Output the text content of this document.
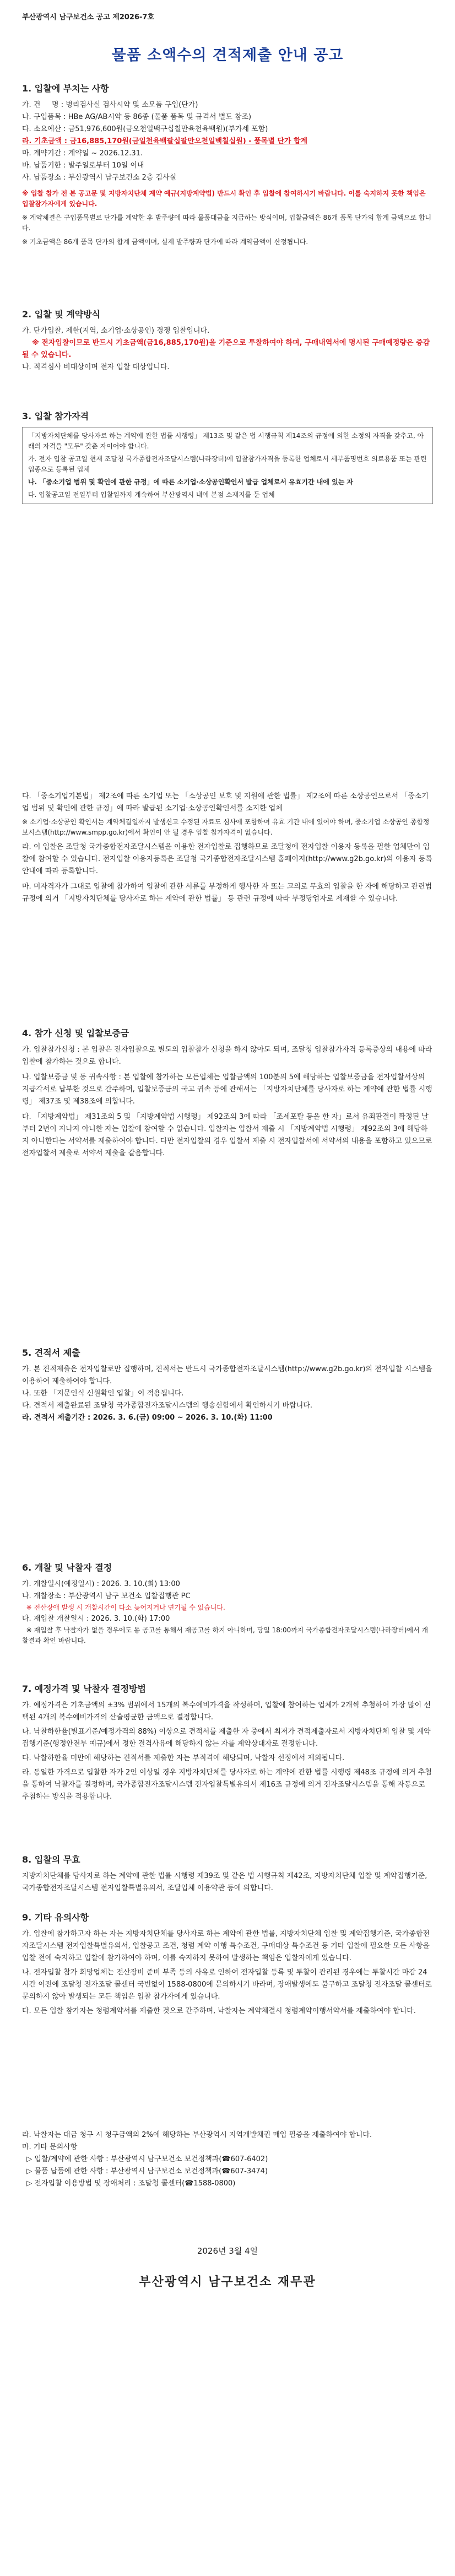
부산광역시 남구보건소 공고 제2026-7호
물품 소액수의 견적제출 안내 공고
1. 입찰에 부치는 사항
가. 건     명 : 병리검사실 검사시약 및 소모품 구입(단가)
나. 구입품목 : HBe AG/AB시약 등 86종 (물품 품목 및 규격서 별도 참조)
다. 소요예산 : 금51,976,600원(금오천일백구십칠만육천육백원)(부가세 포함)
라. 기초금액 : 금16,885,170원(금일천육백팔십팔만오천일백칠십원) - 품목별 단가 합계
마. 계약기간 : 계약일 ~ 2026.12.31.
바. 납품기한 : 발주일로부터 10일 이내
사. 납품장소 : 부산광역시 남구보건소 2층 검사실
※ 입찰 참가 전 본 공고문 및 지방자치단체 계약 예규(지방계약법) 반드시 확인 후 입찰에 참여하시기 바랍니다. 이를 숙지하지 못한 책임은 입찰참가자에게 있습니다.
※ 계약체결은 구입품목별로 단가를 계약한 후 발주량에 따라 물품대금을 지급하는 방식이며, 입찰금액은 86개 품목 단가의 합계 금액으로 합니다.
※ 기초금액은 86개 품목 단가의 합계 금액이며, 실제 발주량과 단가에 따라 계약금액이 산정됩니다.
2. 입찰 및 계약방식
가. 단가입찰, 제한(지역, 소기업·소상공인) 경쟁 입찰입니다.
※ 전자입찰이므로 반드시 기초금액(금16,885,170원)을 기준으로 투찰하여야 하며, 구매내역서에 명시된 구매예정량은 증감될 수 있습니다.
나. 적격심사 비대상이며 전자 입찰 대상입니다.
3. 입찰 참가자격
「지방자치단체를 당사자로 하는 계약에 관한 법률 시행령」 제13조 및 같은 법 시행규칙 제14조의 규정에 의한 소정의 자격을 갖추고, 아래의 자격을 "모두" 갖춘 자이어야 합니다.
가. 전자 입찰 공고일 현재 조달청 국가종합전자조달시스템(나라장터)에 입찰참가자격을 등록한 업체로서 세부품명번호 의료용품 또는 관련 업종으로 등록된 업체
나. 「중소기업 범위 및 확인에 관한 규정」에 따른 소기업·소상공인확인서 발급 업체로서 유효기간 내에 있는 자
다. 입찰공고일 전일부터 입찰일까지 계속하여 부산광역시 내에 본점 소재지를 둔 업체
다. 「중소기업기본법」 제2조에 따른 소기업 또는 「소상공인 보호 및 지원에 관한 법률」 제2조에 따른 소상공인으로서 「중소기업 범위 및 확인에 관한 규정」에 따라 발급된 소기업·소상공인확인서를 소지한 업체
※ 소기업·소상공인 확인서는 계약체결일까지 발생신고 수정된 자료도 심사에 포함하여 유효 기간 내에 있어야 하며, 중소기업 소상공인 종합정보시스템(http://www.smpp.go.kr)에서 확인이 안 될 경우 입찰 참가자격이 없습니다.
라. 이 입찰은 조달청 국가종합전자조달시스템을 이용한 전자입찰로 집행하므로 조달청에 전자입찰 이용자 등록을 필한 업체만이 입찰에 참여할 수 있습니다. 전자입찰 이용자등록은 조달청 국가종합전자조달시스템 홈페이지(http://www.g2b.go.kr)의 이용자 등록 안내에 따라 등록합니다.
마. 미자격자가 그대로 입찰에 참가하여 입찰에 관한 서류를 부정하게 행사한 자 또는 고의로 무효의 입찰을 한 자에 해당하고 관련법 규정에 의거 「지방자치단체를 당사자로 하는 계약에 관한 법률」 등 관련 규정에 따라 부정당업자로 제재할 수 있습니다.
4. 참가 신청 및 입찰보증금
가. 입찰참가신청 : 본 입찰은 전자입찰으로 별도의 입찰참가 신청을 하지 않아도 되며, 조달청 입찰참가자격 등록증상의 내용에 따라 입찰에 참가하는 것으로 합니다.
나. 입찰보증금 및 동 귀속사항 : 본 입찰에 참가하는 모든업체는 입찰금액의 100분의 5에 해당하는 입찰보증금을 전자입찰서상의 지급각서로 납부한 것으로 간주하며, 입찰보증금의 국고 귀속 등에 관해서는 「지방자치단체를 당사자로 하는 계약에 관한 법률 시행령」 제37조 및 제38조에 의합니다.
다. 「지방계약법」 제31조의 5 및 「지방계약법 시행령」 제92조의 3에 따라 「조세포탈 등을 한 자」로서 유죄판결이 확정된 날부터 2년이 지나지 아니한 자는 입찰에 참여할 수 없습니다. 입찰자는 입찰서 제출 시 「지방계약법 시행령」 제92조의 3에 해당하지 아니한다는 서약서를 제출하여야 합니다. 다만 전자입찰의 경우 입찰서 제출 시 전자입찰서에 서약서의 내용을 포함하고 있으므로 전자입찰서 제출로 서약서 제출을 갈음합니다.
5. 견적서 제출
가. 본 견적제출은 전자입찰로만 집행하며, 견적서는 반드시 국가종합전자조달시스템(http://www.g2b.go.kr)의 전자입찰 시스템을 이용하여 제출하여야 합니다.
나. 또한 「지문인식 신원확인 입찰」이 적용됩니다.
다. 견적서 제출완료된 조달청 국가종합전자조달시스템의 행송신함에서 확인하시기 바랍니다.
라. 견적서 제출기간 : 2026. 3. 6.(금) 09:00 ~ 2026. 3. 10.(화) 11:00
6. 개찰 및 낙찰자 결정
가. 개찰일시(예정일시) : 2026. 3. 10.(화) 13:00
나. 개찰장소 : 부산광역시 남구 보건소 입찰집행관 PC
※ 전산장애 발생 시 개찰시간이 다소 늦어지거나 연기될 수 있습니다.
다. 재입찰 개찰일시 : 2026. 3. 10.(화) 17:00
※ 재입찰 후 낙찰자가 없을 경우에도 동 공고를 통해서 재공고를 하지 아니하며, 당일 18:00까지 국가종합전자조달시스템(나라장터)에서 개찰결과 확인 바랍니다.
7. 예정가격 및 낙찰자 결정방법
가. 예정가격은 기초금액의 ±3% 범위에서 15개의 복수예비가격을 작성하며, 입찰에 참여하는 업체가 2개씩 추첨하여 가장 많이 선택된 4개의 복수예비가격의 산술평균한 금액으로 결정합니다.
나. 낙찰하한율(별표기준/예정가격의 88%) 이상으로 견적서를 제출한 자 중에서 최저가 견적제출자로서 지방자치단체 입찰 및 계약 집행기준(행정안전부 예규)에서 정한 결격사유에 해당하지 않는 자를 계약상대자로 결정합니다.
다. 낙찰하한율 미만에 해당하는 견적서를 제출한 자는 부적격에 해당되며, 낙찰자 선정에서 제외됩니다.
라. 동일한 가격으로 입찰한 자가 2인 이상일 경우 지방자치단체를 당사자로 하는 계약에 관한 법률 시행령 제48조 규정에 의거 추첨을 통하여 낙찰자를 결정하며, 국가종합전자조달시스템 전자입찰특별유의서 제16조 규정에 의거 전자조달시스템을 통해 자동으로 추첨하는 방식을 적용합니다.
8. 입찰의 무효
지방자치단체를 당사자로 하는 계약에 관한 법률 시행령 제39조 및 같은 법 시행규칙 제42조, 지방자치단체 입찰 및 계약집행기준, 국가종합전자조달시스템 전자입찰특별유의서, 조달업체 이용약관 등에 의합니다.
9. 기타 유의사항
가. 입찰에 참가하고자 하는 자는 지방자치단체를 당사자로 하는 계약에 관한 법률, 지방자치단체 입찰 및 계약집행기준, 국가종합전자조달시스템 전자입찰특별유의서, 입찰공고 조건, 청렴 계약 이행 특수조건, 구매대상 특수조건 등 기타 입찰에 필요한 모든 사항을 입찰 전에 숙지하고 입찰에 참가하여야 하며, 이를 숙지하지 못하여 발생하는 책임은 입찰자에게 있습니다.
나. 전자입찰 참가 희망업체는 전산장비 준비 부족 등의 사유로 인하여 전자입찰 등록 및 투찰이 관리된 경우에는 투찰시간 마감 24시간 이전에 조달청 전자조달 콜센터 국번없이 1588-0800에 문의하시기 바라며, 장애발생에도 불구하고 조달청 전자조달 콜센터로 문의하지 않아 발생되는 모든 책임은 입찰 참가자에게 있습니다.
다. 모든 입찰 참가자는 청렴계약서를 제출한 것으로 간주하며, 낙찰자는 계약체결시 청렴계약이행서약서를 제출하여야 합니다.
라. 낙찰자는 대금 청구 시 청구금액의 2%에 해당하는 부산광역시 지역개발채권 매입 필증을 제출하여야 합니다.
마. 기타 문의사항
▷ 입찰/계약에 관한 사항 : 부산광역시 남구보건소 보건정책과(☎607-6402)
▷ 물품 납품에 관한 사항 : 부산광역시 남구보건소 보건정책과(☎607-3474)
▷ 전자입찰 이용방법 및 장애처리 : 조달청 콜센터(☎1588-0800)
2026년 3월 4일
부산광역시 남구보건소 재무관
